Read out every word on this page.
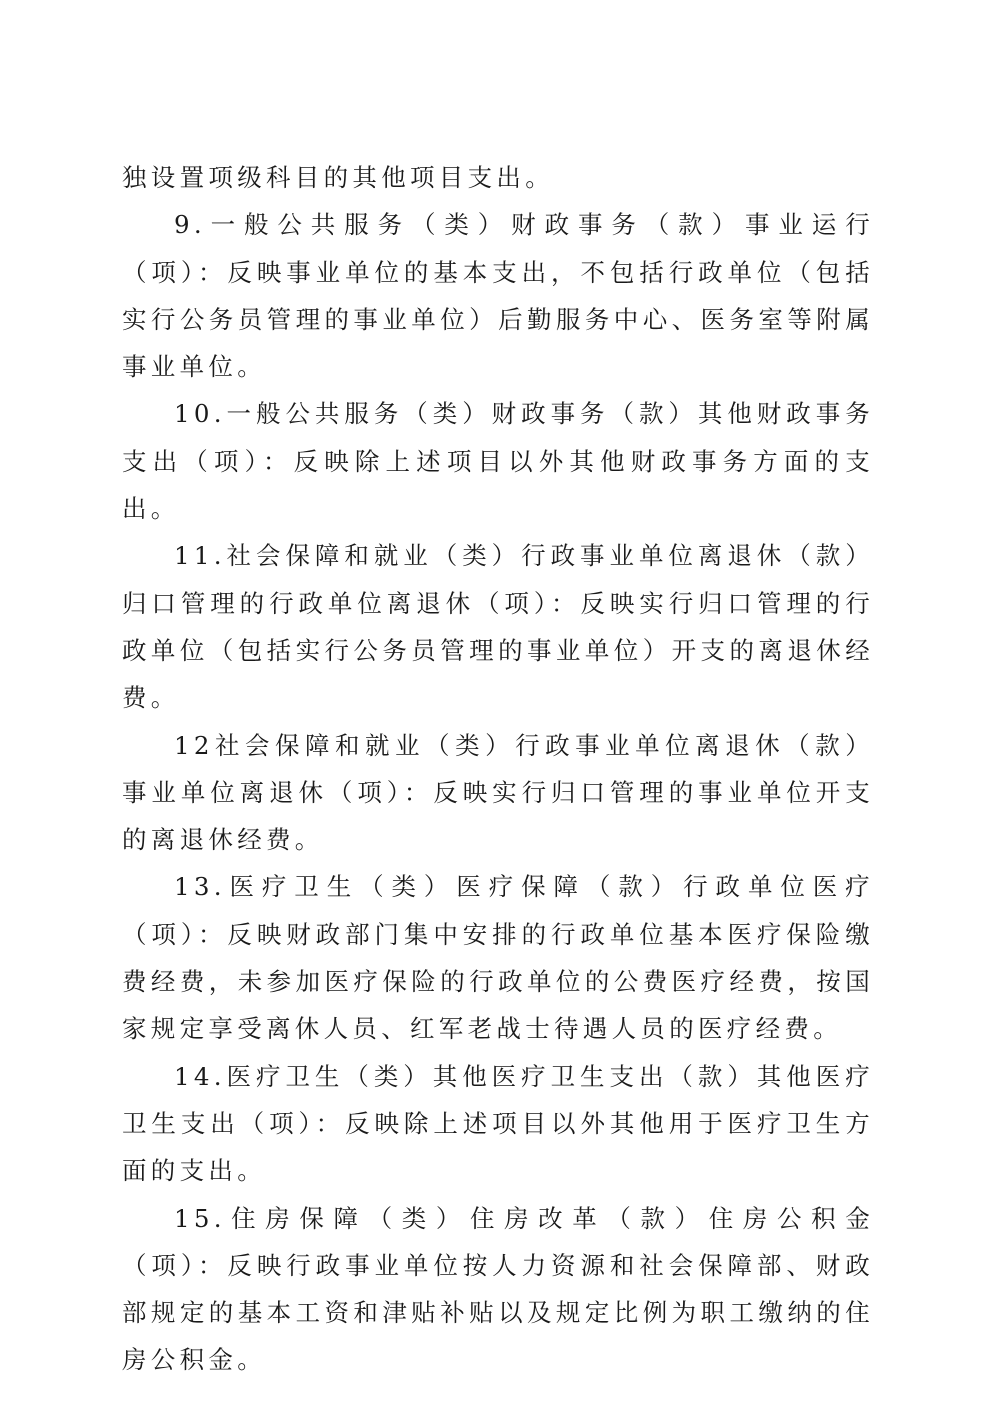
独设置项级科目的其他项目支出。

9.一般公共服务（类）财政事务（款）事业运行（项）：反映事业单位的基本支出，不包括行政单位（包括实行公务员管理的事业单位）后勤服务中心、医务室等附属事业单位。

10.一般公共服务（类）财政事务（款）其他财政事务支出（项）：反映除上述项目以外其他财政事务方面的支出。

11.社会保障和就业（类）行政事业单位离退休（款）归口管理的行政单位离退休（项）：反映实行归口管理的行政单位（包括实行公务员管理的事业单位）开支的离退休经费。

12社会保障和就业（类）行政事业单位离退休（款）事业单位离退休（项）：反映实行归口管理的事业单位开支的离退休经费。

13.医疗卫生（类）医疗保障（款）行政单位医疗（项）：反映财政部门集中安排的行政单位基本医疗保险缴费经费，未参加医疗保险的行政单位的公费医疗经费，按国家规定享受离休人员、红军老战士待遇人员的医疗经费。

14.医疗卫生（类）其他医疗卫生支出（款）其他医疗卫生支出（项）：反映除上述项目以外其他用于医疗卫生方面的支出。

15.住房保障（类）住房改革（款）住房公积金（项）：反映行政事业单位按人力资源和社会保障部、财政部规定的基本工资和津贴补贴以及规定比例为职工缴纳的住房公积金。
